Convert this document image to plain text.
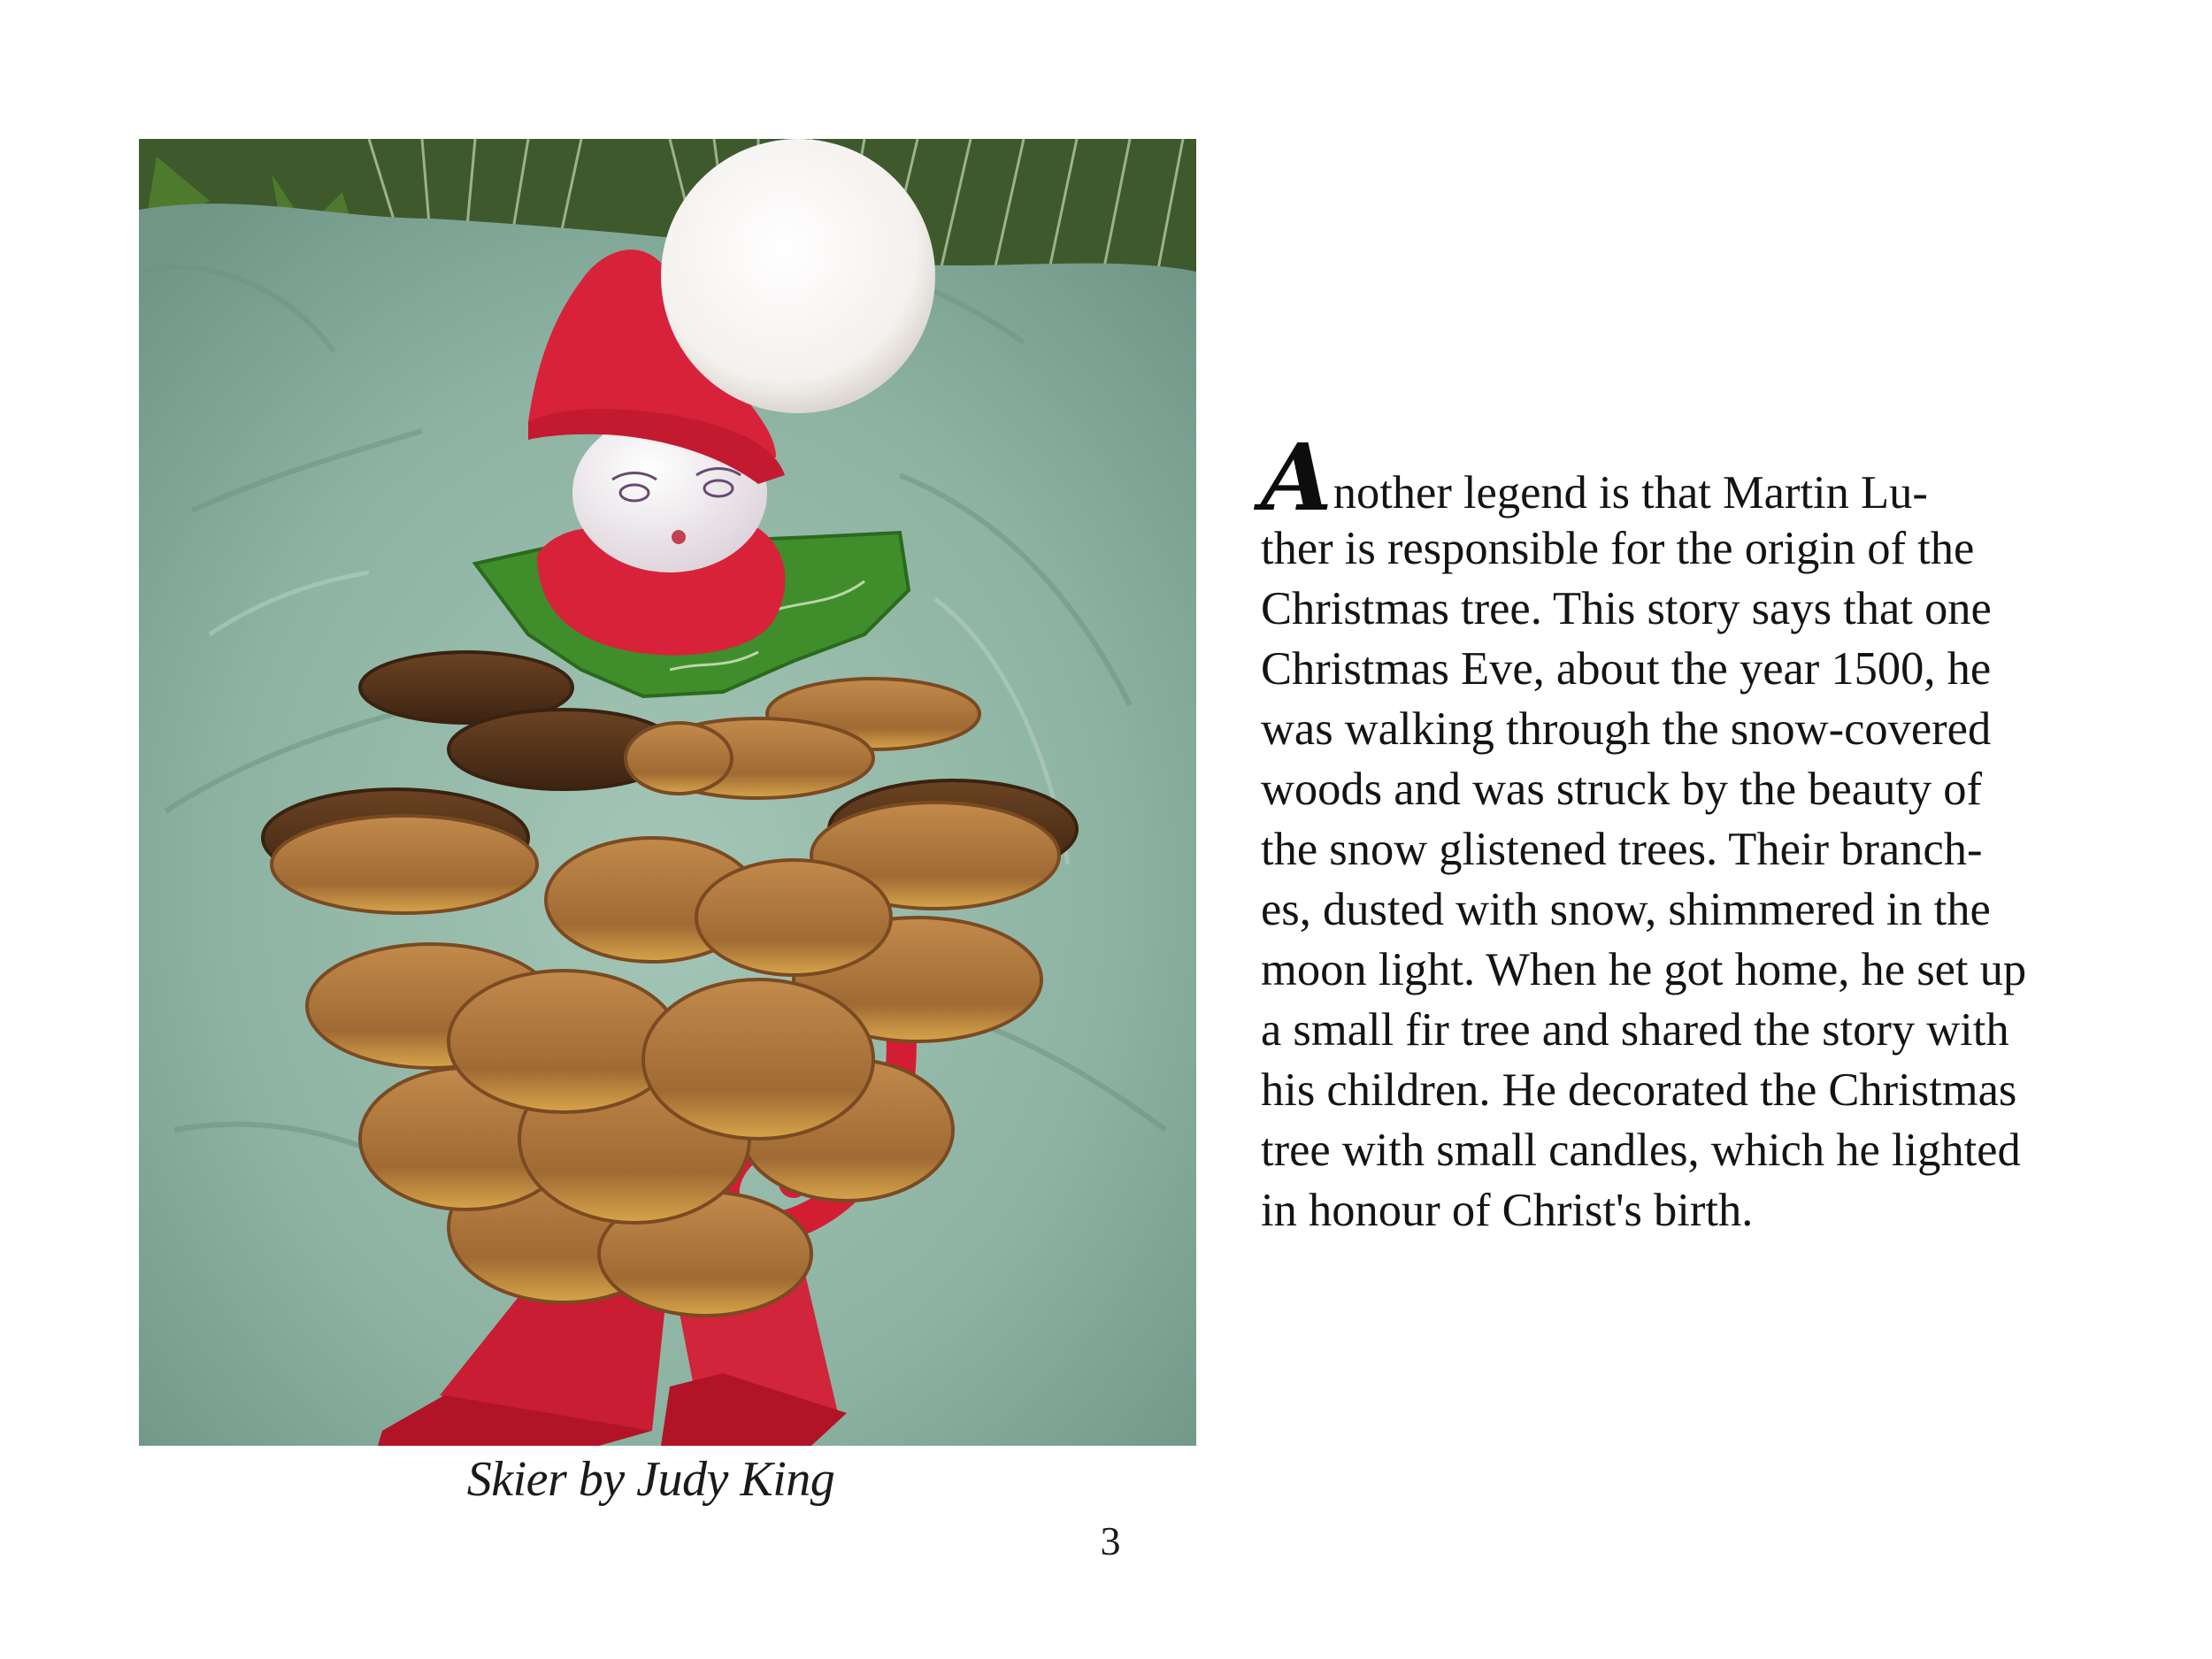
Skier by Judy King
Another legend is that Martin Lu-
ther is responsible for the origin of the
Christmas tree. This story says that one
Christmas Eve, about the year 1500, he
was walking through the snow-covered
woods and was struck by the beauty of
the snow glistened trees. Their branch-
es, dusted with snow, shimmered in the
moon light. When he got home, he set up
a small fir tree and shared the story with
his children. He decorated the Christmas
tree with small candles, which he lighted
in honour of Christ's birth.
3
